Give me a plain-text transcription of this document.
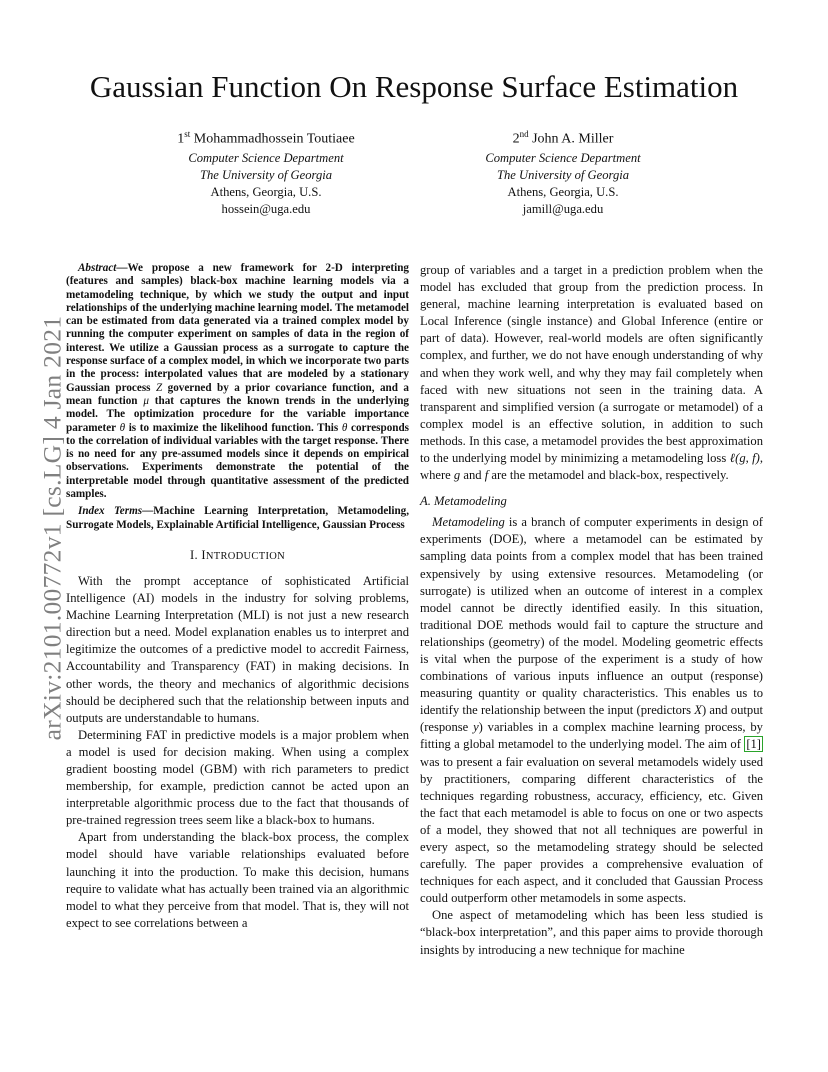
arXiv:2101.00772v1 [cs.LG] 4 Jan 2021
Gaussian Function On Response Surface Estimation
1st Mohammadhossein Toutiaee
Computer Science Department
The University of Georgia
Athens, Georgia, U.S.
hossein@uga.edu
2nd John A. Miller
Computer Science Department
The University of Georgia
Athens, Georgia, U.S.
jamill@uga.edu

Abstract—We propose a new framework for 2-D interpreting (features and samples) black-box machine learning models via a metamodeling technique, by which we study the output and input relationships of the underlying machine learning model. The metamodel can be estimated from data generated via a trained complex model by running the computer experiment on samples of data in the region of interest. We utilize a Gaussian process as a surrogate to capture the response surface of a complex model, in which we incorporate two parts in the process: interpolated values that are modeled by a stationary Gaussian process Z governed by a prior covariance function, and a mean function μ that captures the known trends in the underlying model. The optimization procedure for the variable importance parameter θ is to maximize the likelihood function. This θ corresponds to the correlation of individual variables with the target response. There is no need for any pre-assumed models since it depends on empirical observations. Experiments demonstrate the potential of the interpretable model through quantitative assessment of the predicted samples.

Index Terms—Machine Learning Interpretation, Metamodeling, Surrogate Models, Explainable Artificial Intelligence, Gaussian Process

I. INTRODUCTION

With the prompt acceptance of sophisticated Artificial Intelligence (AI) models in the industry for solving problems, Machine Learning Interpretation (MLI) is not just a new research direction but a need. Model explanation enables us to interpret and legitimize the outcomes of a predictive model to accredit Fairness, Accountability and Transparency (FAT) in making decisions. In other words, the theory and mechanics of algorithmic decisions should be deciphered such that the relationship between inputs and outputs are understandable to humans.

Determining FAT in predictive models is a major problem when a model is used for decision making. When using a complex gradient boosting model (GBM) with rich parameters to predict membership, for example, prediction cannot be acted upon an interpretable algorithmic process due to the fact that thousands of pre-trained regression trees seem like a black-box to humans.

Apart from understanding the black-box process, the complex model should have variable relationships evaluated before launching it into the production. To make this decision, humans require to validate what has actually been trained via an algorithmic model to what they perceive from that model. That is, they will not expect to see correlations between a

group of variables and a target in a prediction problem when the model has excluded that group from the prediction process. In general, machine learning interpretation is evaluated based on Local Inference (single instance) and Global Inference (entire or part of data). However, real-world models are often significantly complex, and further, we do not have enough understanding of why and when they work well, and why they may fail completely when faced with new situations not seen in the training data. A transparent and simplified version (a surrogate or metamodel) of a complex model is an effective solution, in addition to such methods. In this case, a metamodel provides the best approximation to the underlying model by minimizing a metamodeling loss ℓ(g, f), where g and f are the metamodel and black-box, respectively.

A. Metamodeling

Metamodeling is a branch of computer experiments in design of experiments (DOE), where a metamodel can be estimated by sampling data points from a complex model that has been trained expensively by using extensive resources. Metamodeling (or surrogate) is utilized when an outcome of interest in a complex model cannot be directly identified easily. In this situation, traditional DOE methods would fail to capture the structure and relationships (geometry) of the model. Modeling geometric effects is vital when the purpose of the experiment is a study of how combinations of various inputs influence an output (response) measuring quantity or quality characteristics. This enables us to identify the relationship between the input (predictors X) and output (response y) variables in a complex machine learning process, by fitting a global metamodel to the underlying model. The aim of [1] was to present a fair evaluation on several metamodels widely used by practitioners, comparing different characteristics of the techniques regarding robustness, accuracy, efficiency, etc. Given the fact that each metamodel is able to focus on one or two aspects of a model, they showed that not all techniques are powerful in every aspect, so the metamodeling strategy should be selected carefully. The paper provides a comprehensive evaluation of techniques for each aspect, and it concluded that Gaussian Process could outperform other metamodels in some aspects.

One aspect of metamodeling which has been less studied is “black-box interpretation”, and this paper aims to provide thorough insights by introducing a new technique for machine
